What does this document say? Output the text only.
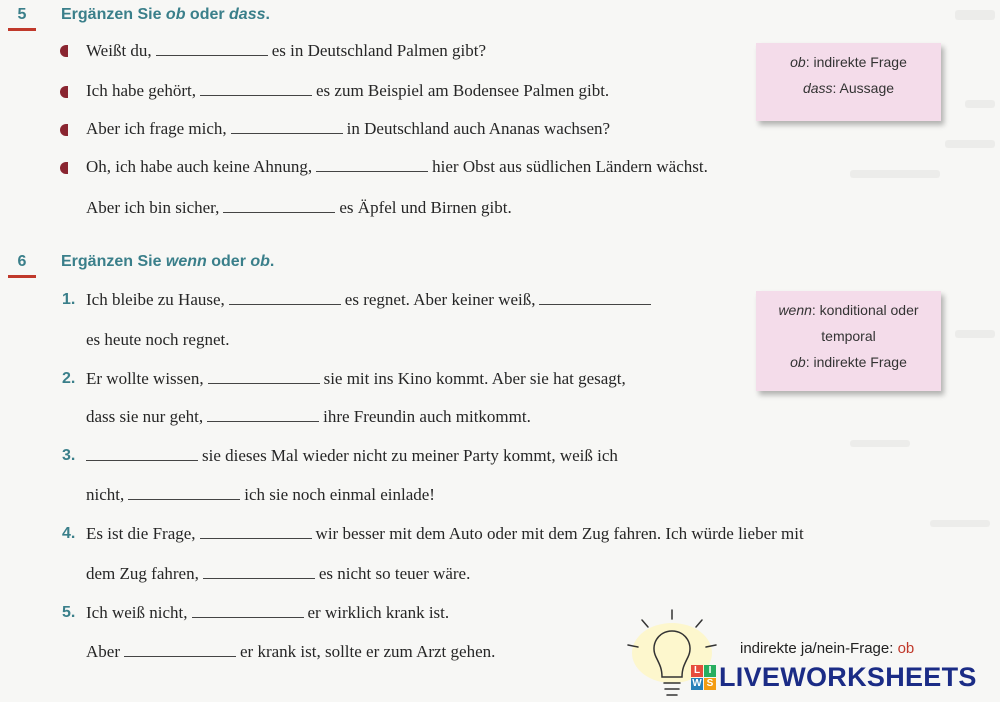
5	Ergänzen Sie ob oder dass.
Weißt du,	es in Deutschland Palmen gibt?
Ich habe gehört,	es zum Beispiel am Bodensee Palmen gibt.
Aber ich frage mich,	in Deutschland auch Ananas wachsen?
Oh, ich habe auch keine Ahnung,	hier Obst aus südlichen Ländern wächst.
Aber ich bin sicher,	es Äpfel und Birnen gibt.
ob: indirekte Frage
dass: Aussage
6	Ergänzen Sie wenn oder ob.
1. Ich bleibe zu Hause,	es regnet. Aber keiner weiß,
es heute noch regnet.
2. Er wollte wissen,	sie mit ins Kino kommt. Aber sie hat gesagt,
dass sie nur geht,	ihre Freundin auch mitkommt.
3.	sie dieses Mal wieder nicht zu meiner Party kommt, weiß ich
nicht,	ich sie noch einmal einlade!
4. Es ist die Frage,	wir besser mit dem Auto oder mit dem Zug fahren. Ich würde lieber mit
dem Zug fahren,	es nicht so teuer wäre.
5. Ich weiß nicht,	er wirklich krank ist.
Aber	er krank ist, sollte er zum Arzt gehen.
wenn: konditional oder
temporal
ob: indirekte Frage
indirekte ja/nein-Frage: ob
L I
W S LIVEWORKSHEETS
